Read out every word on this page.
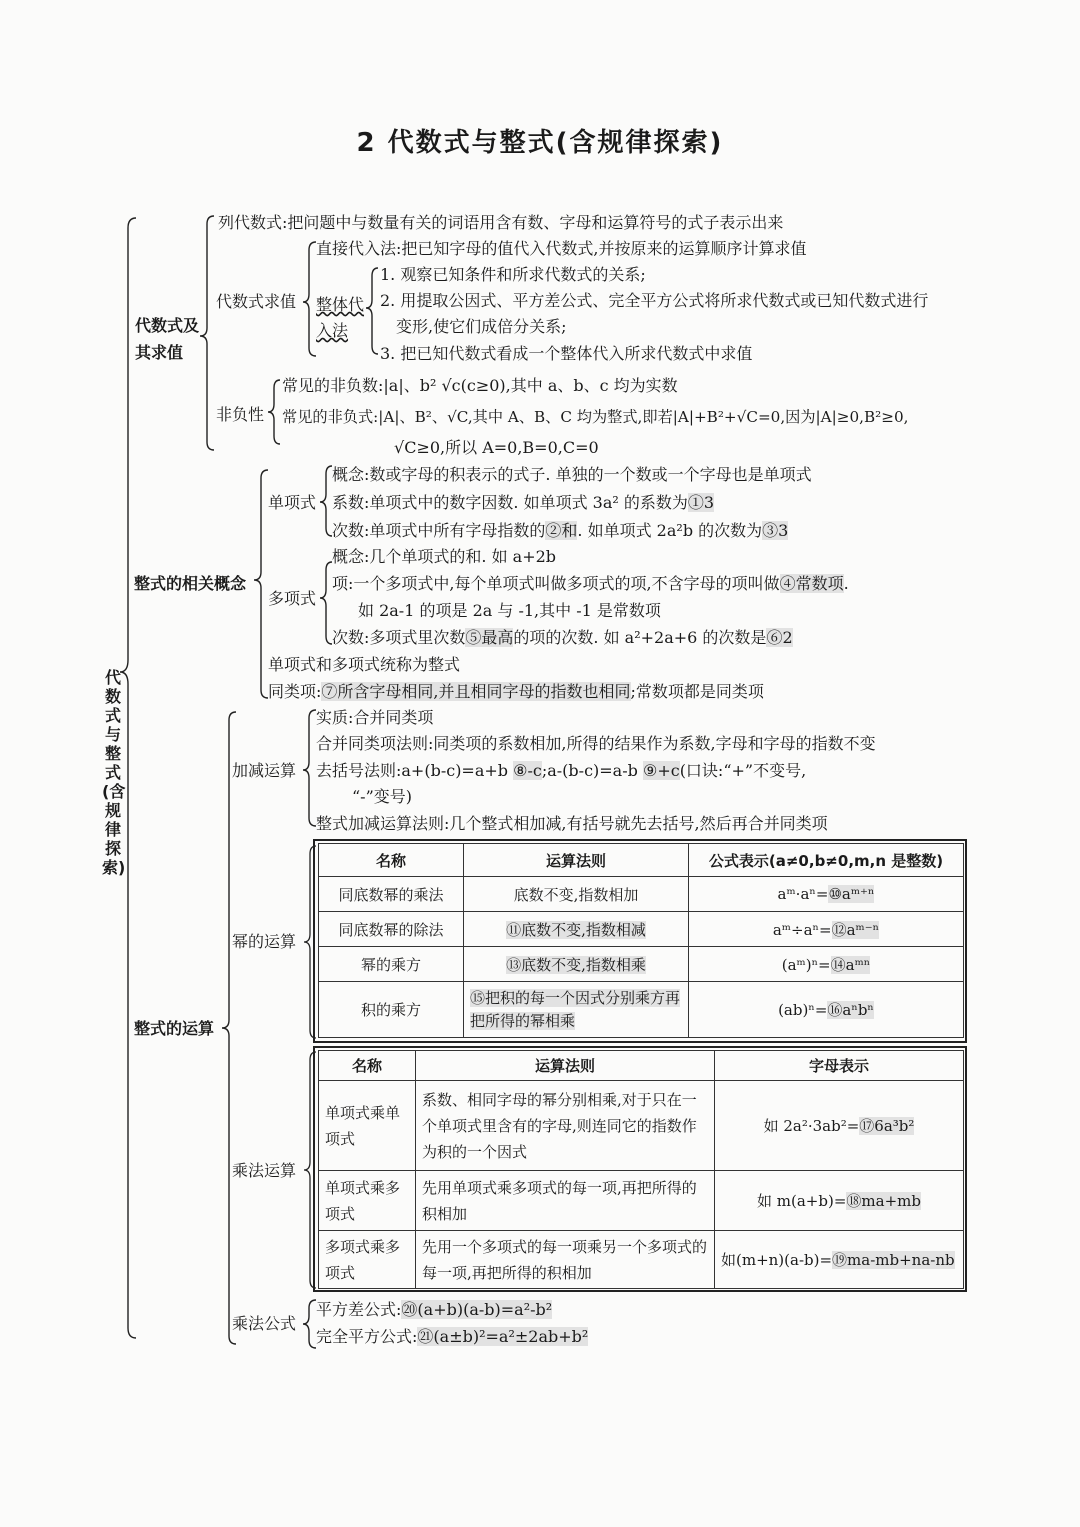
2 代数式与整式(含规律探索)
代数式与整式(含规律探索)
代数式及其求值
列代数式:把问题中与数量有关的词语用含有数、字母和运算符号的式子表示出来
代数式求值
直接代入法:把已知字母的值代入代数式,并按原来的运算顺序计算求值
整体代入法
1. 观察已知条件和所求代数式的关系;
2. 用提取公因式、平方差公式、完全平方公式将所求代数式或已知代数式进行
变形,使它们成倍分关系;
3. 把已知代数式看成一个整体代入所求代数式中求值
非负性
常见的非负数:|a|、b² √c(c≥0),其中 a、b、c 均为实数
常见的非负式:|A|、B²、√C,其中 A、B、C 均为整式,即若|A|+B²+√C=0,因为|A|≥0,B²≥0,
√C≥0,所以 A=0,B=0,C=0
整式的相关概念
单项式
概念:数或字母的积表示的式子. 单独的一个数或一个字母也是单项式
系数:单项式中的数字因数. 如单项式 3a² 的系数为①3
次数:单项式中所有字母指数的②和. 如单项式 2a²b 的次数为③3
多项式
概念:几个单项式的和. 如 a+2b
项:一个多项式中,每个单项式叫做多项式的项,不含字母的项叫做④常数项.
如 2a-1 的项是 2a 与 -1,其中 -1 是常数项
次数:多项式里次数⑤最高的项的次数. 如 a²+2a+6 的次数是⑥2
单项式和多项式统称为整式
同类项:⑦所含字母相同,并且相同字母的指数也相同;常数项都是同类项
整式的运算
加减运算
实质:合并同类项
合并同类项法则:同类项的系数相加,所得的结果作为系数,字母和字母的指数不变
去括号法则:a+(b-c)=a+b ⑧-c;a-(b-c)=a-b ⑨+c(口诀:“+”不变号,
“-”变号)
整式加减运算法则:几个整式相加减,有括号就先去括号,然后再合并同类项
幂的运算
名称	运算法则	公式表示(a≠0,b≠0,m,n 是整数)
同底数幂的乘法	底数不变,指数相加	aᵐ·aⁿ=⑩aᵐ⁺ⁿ
同底数幂的除法	⑪底数不变,指数相减	aᵐ÷aⁿ=⑫aᵐ⁻ⁿ
幂的乘方	⑬底数不变,指数相乘	(aᵐ)ⁿ=⑭aᵐⁿ
积的乘方	⑮把积的每一个因式分别乘方再把所得的幂相乘	(ab)ⁿ=⑯aⁿbⁿ
乘法运算
名称	运算法则	字母表示
单项式乘单项式	系数、相同字母的幂分别相乘,对于只在一个单项式里含有的字母,则连同它的指数作为积的一个因式	如 2a²·3ab²=⑰6a³b²
单项式乘多项式	先用单项式乘多项式的每一项,再把所得的积相加	如 m(a+b)=⑱ma+mb
多项式乘多项式	先用一个多项式的每一项乘另一个多项式的每一项,再把所得的积相加	如(m+n)(a-b)=⑲ma-mb+na-nb
乘法公式
平方差公式:⑳(a+b)(a-b)=a²-b²
完全平方公式:㉑(a±b)²=a²±2ab+b²
